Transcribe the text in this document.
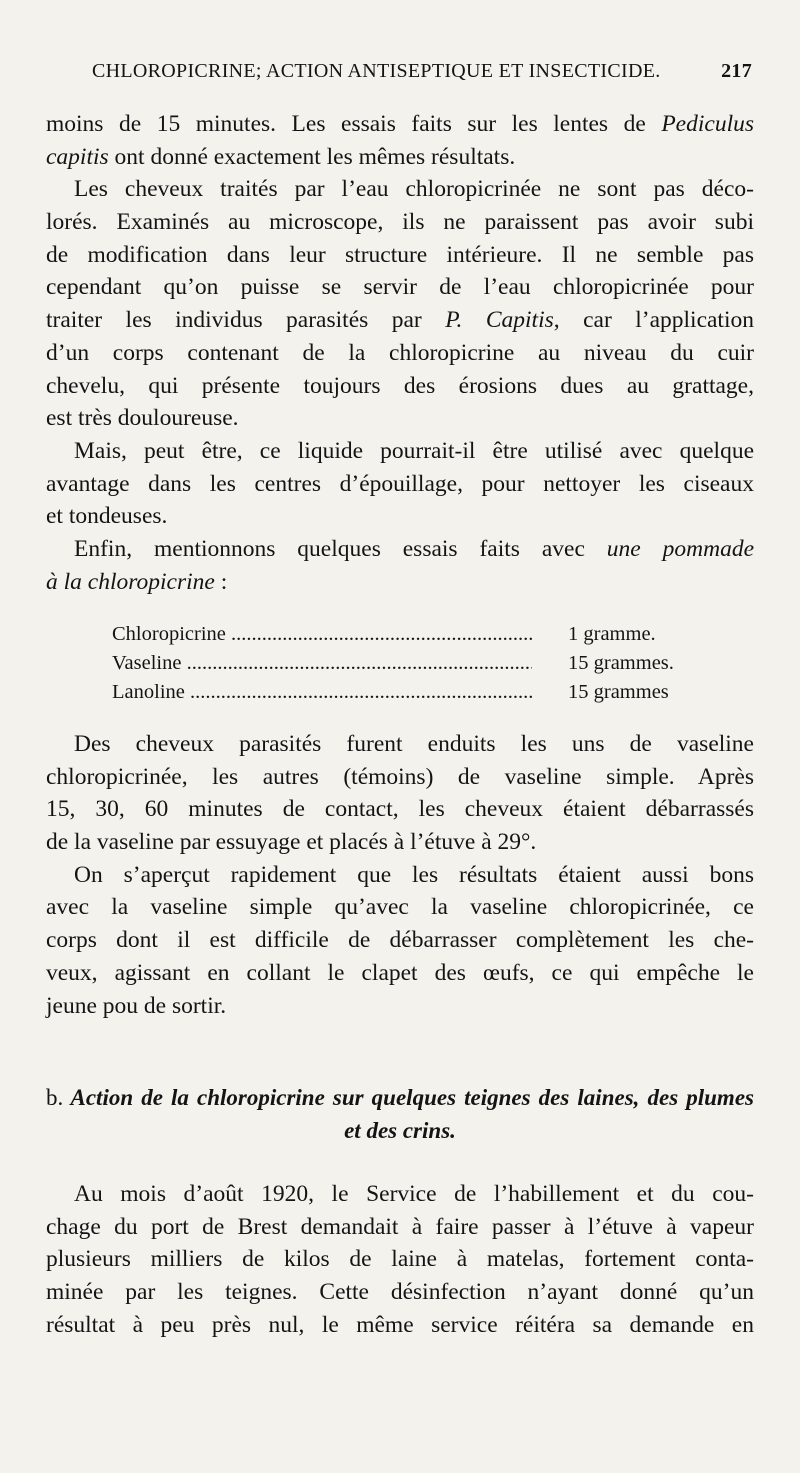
CHLOROPICRINE; ACTION ANTISEPTIQUE ET INSECTICIDE.	217
moins de 15 minutes. Les essais faits sur les lentes de Pediculus
capitis ont donné exactement les mêmes résultats.
Les cheveux traités par l’eau chloropicrinée ne sont pas déco-
lorés. Examinés au microscope, ils ne paraissent pas avoir subi
de modification dans leur structure intérieure. Il ne semble pas
cependant qu’on puisse se servir de l’eau chloropicrinée pour
traiter les individus parasités par P. Capitis, car l’application
d’un corps contenant de la chloropicrine au niveau du cuir
chevelu, qui présente toujours des érosions dues au grattage,
est très douloureuse.
Mais, peut être, ce liquide pourrait-il être utilisé avec quelque
avantage dans les centres d’épouillage, pour nettoyer les ciseaux
et tondeuses.
Enfin, mentionnons quelques essais faits avec une pommade
à la chloropicrine :
Chloropicrine .....	1 gramme.
Vaseline .....	15 grammes.
Lanoline .....	15 grammes
Des cheveux parasités furent enduits les uns de vaseline
chloropicrinée, les autres (témoins) de vaseline simple. Après
15, 30, 60 minutes de contact, les cheveux étaient débarrassés
de la vaseline par essuyage et placés à l’étuve à 29°.
On s’aperçut rapidement que les résultats étaient aussi bons
avec la vaseline simple qu’avec la vaseline chloropicrinée, ce
corps dont il est difficile de débarrasser complètement les che-
veux, agissant en collant le clapet des œufs, ce qui empêche le
jeune pou de sortir.
b. Action de la chloropicrine sur quelques teignes des laines, des plumes
et des crins.
Au mois d’août 1920, le Service de l’habillement et du cou-
chage du port de Brest demandait à faire passer à l’étuve à vapeur
plusieurs milliers de kilos de laine à matelas, fortement conta-
minée par les teignes. Cette désinfection n’ayant donné qu’un
résultat à peu près nul, le même service réitéra sa demande en
